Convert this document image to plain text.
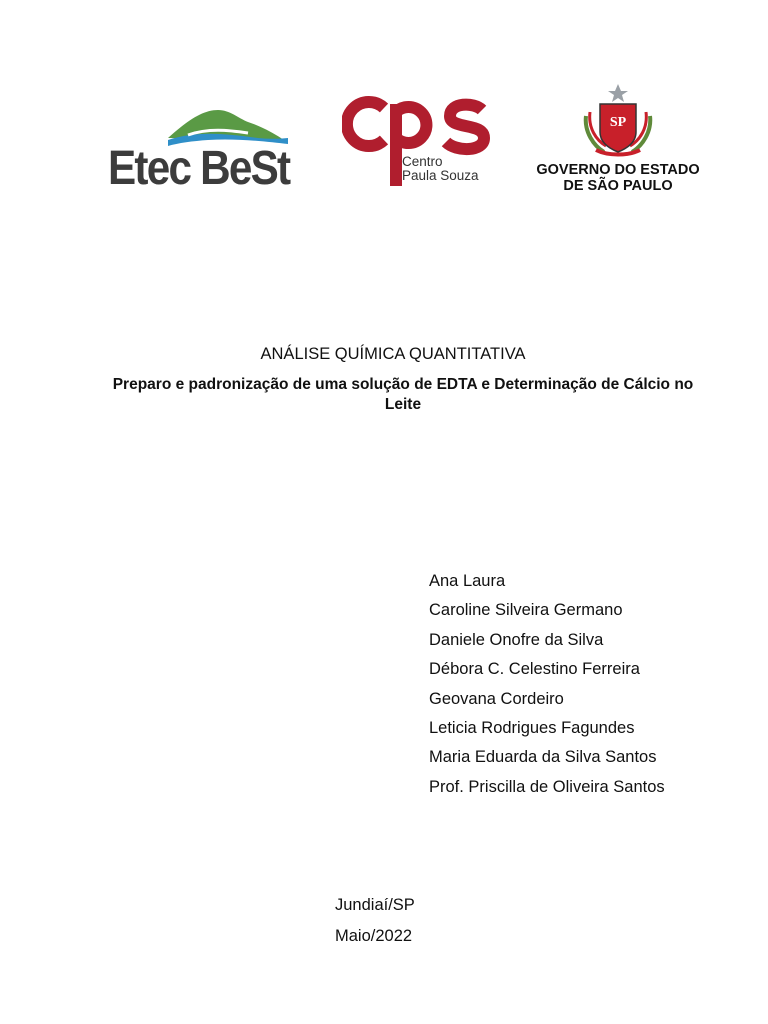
Etec BeSt	Centro
Paula Souza
SP
GOVERNO DO ESTADO
DE SÃO PAULO
ANÁLISE QUÍMICA QUANTITATIVA
Preparo e padronização de uma solução de EDTA e Determinação de Cálcio no Leite
Ana Laura
Caroline Silveira Germano
Daniele Onofre da Silva
Débora C. Celestino Ferreira
Geovana Cordeiro
Leticia Rodrigues Fagundes
Maria Eduarda da Silva Santos
Prof. Priscilla de Oliveira Santos
Jundiaí/SP
Maio/2022
